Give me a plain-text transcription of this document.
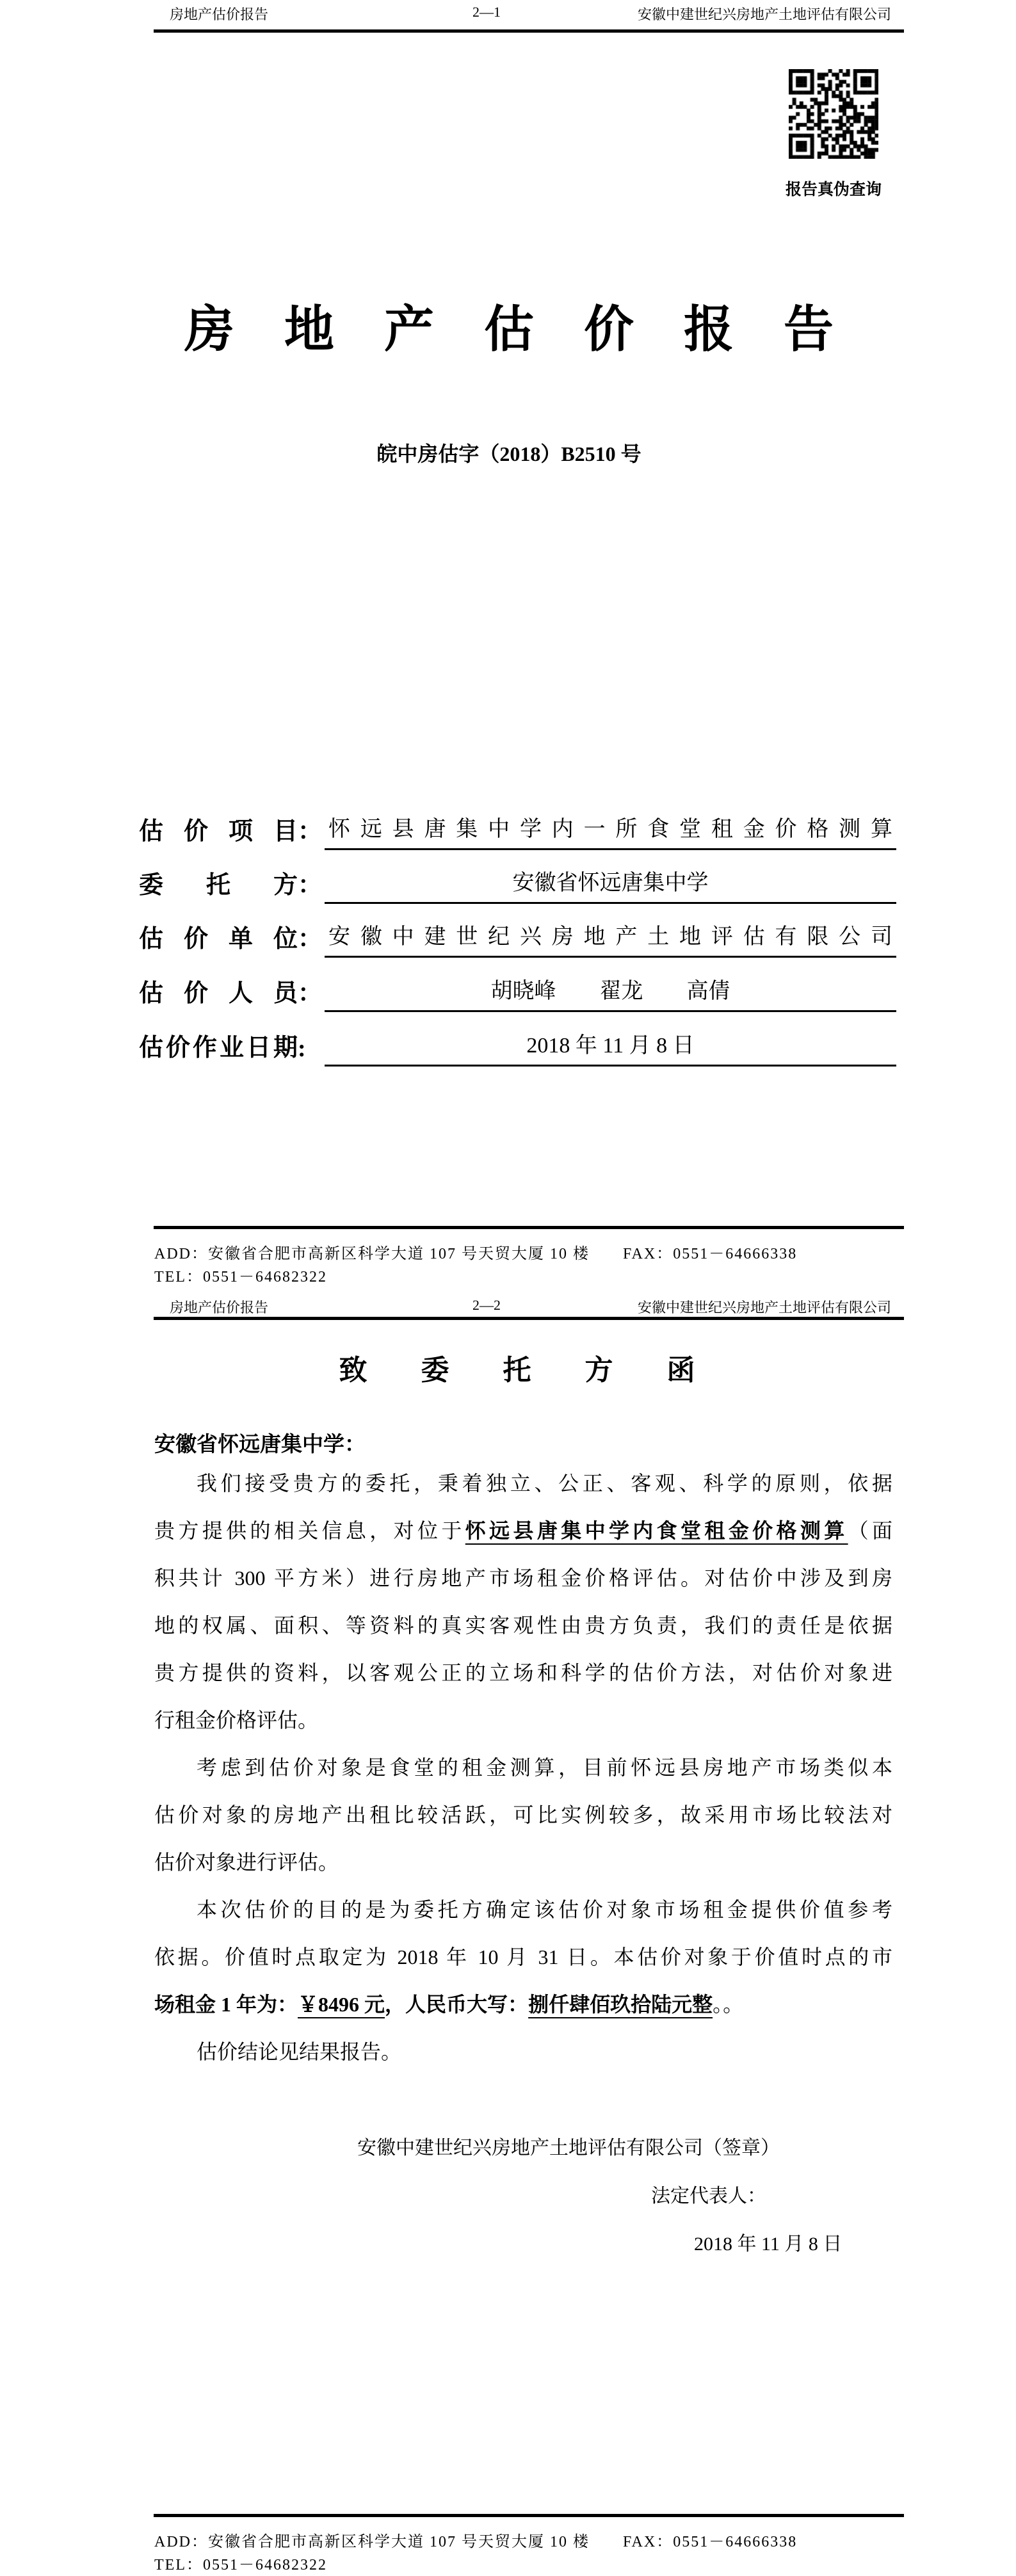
房地产估价报告	2—1	安徽中建世纪兴房地产土地评估有限公司
报告真伪查询
房　地　产　估　价　报　告
皖中房估字（2018）B2510 号
估价项目 ： 怀远县唐集中学内一所食堂租金价格测算
委托方 ：	安徽省怀远唐集中学
估价单位 ： 安徽中建世纪兴房地产土地评估有限公司
估价人员 ：	胡晓峰　　翟龙　　高倩
估价作业日期 :	2018 年 11 月 8 日
ADD：安徽省合肥市高新区科学大道 107 号天贸大厦 10 楼　　FAX：0551－64666338
TEL：0551－64682322
房地产估价报告	2—2	安徽中建世纪兴房地产土地评估有限公司
致　委　托　方　函
安徽省怀远唐集中学：
我们接受贵方的委托，秉着独立、公正、客观、科学的原则，依据
贵方提供的相关信息，对位于怀远县唐集中学内食堂租金价格测算（面
积共计 300 平方米）进行房地产市场租金价格评估。对估价中涉及到房
地的权属、面积、等资料的真实客观性由贵方负责，我们的责任是依据
贵方提供的资料，以客观公正的立场和科学的估价方法，对估价对象进
行租金价格评估。
考虑到估价对象是食堂的租金测算，目前怀远县房地产市场类似本
估价对象的房地产出租比较活跃，可比实例较多，故采用市场比较法对
估价对象进行评估。
本次估价的目的是为委托方确定该估价对象市场租金提供价值参考
依据。价值时点取定为 2018 年 10 月 31 日。本估价对象于价值时点的市
场租金 1 年为：￥8496 元，人民币大写：捌仟肆佰玖拾陆元整。。
估价结论见结果报告。
安徽中建世纪兴房地产土地评估有限公司（签章）
法定代表人：
2018 年 11 月 8 日
ADD：安徽省合肥市高新区科学大道 107 号天贸大厦 10 楼　　FAX：0551－64666338
TEL：0551－64682322
